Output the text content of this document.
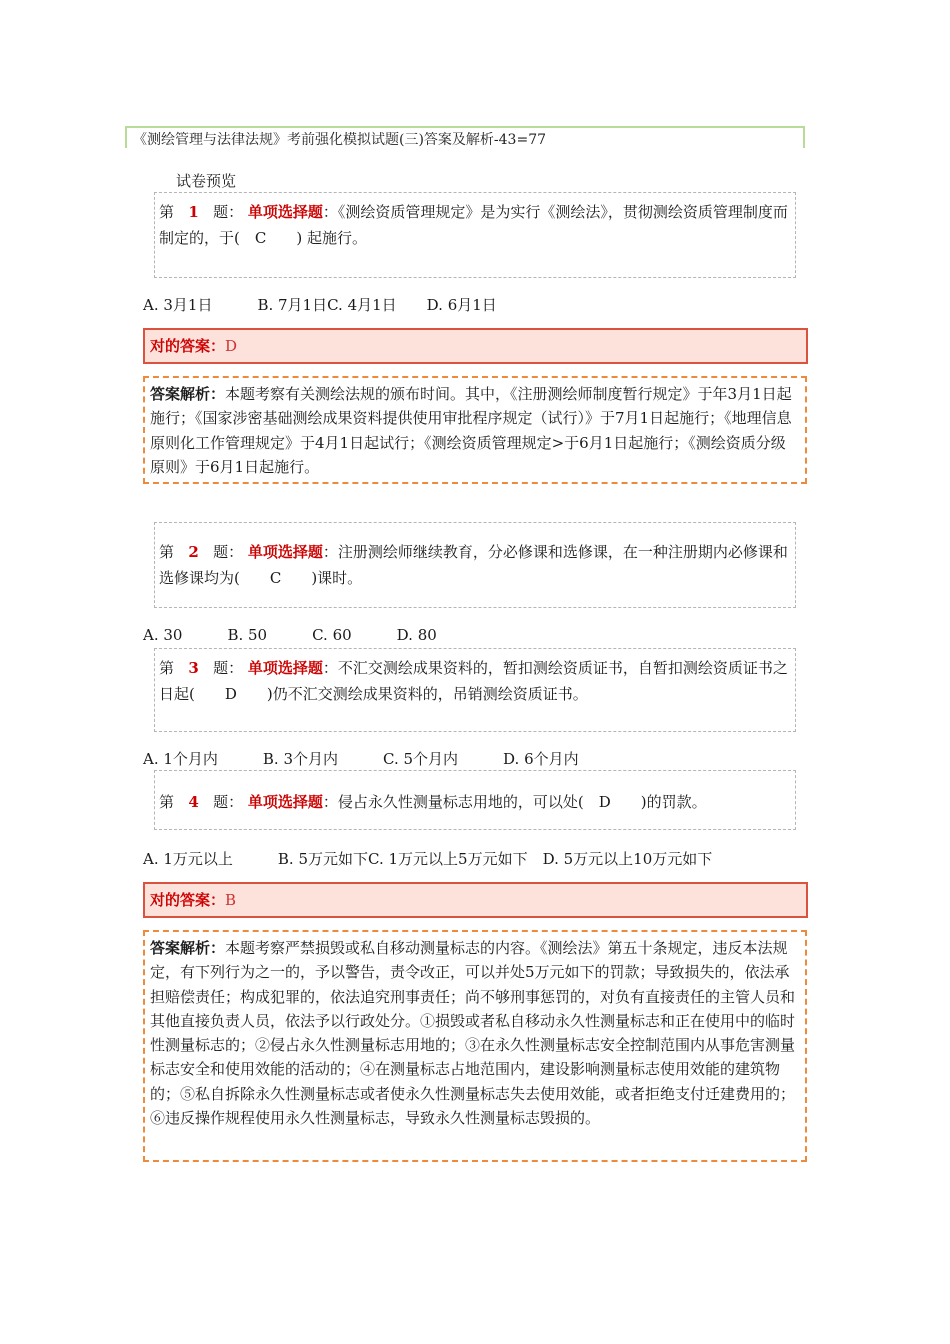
《测绘管理与法律法规》考前强化模拟试题(三)答案及解析-43=77
试卷预览
第 1 题： 单项选择题：《测绘资质管理规定》是为实行《测绘法》，贯彻测绘资质管理制度而制定的，于(　C　　) 起施行。
A. 3月1日　　　B. 7月1日C. 4月1日　　D. 6月1日
对的答案：D
答案解析：本题考察有关测绘法规的颁布时间。其中，《注册测绘师制度暂行规定》于年3月1日起施行；《国家涉密基础测绘成果资料提供使用审批程序规定（试行）》于7月1日起施行；《地理信息原则化工作管理规定》于4月1日起试行；《测绘资质管理规定>于6月1日起施行；《测绘资质分级原则》于6月1日起施行。
第 2 题： 单项选择题：注册测绘师继续教育，分必修课和选修课，在一种注册期内必修课和选修课均为(　　C　　)课时。
A. 30　　　B. 50　　　C. 60　　　D. 80
第 3 题： 单项选择题：不汇交测绘成果资料的，暂扣测绘资质证书，自暂扣测绘资质证书之日起(　　D　　)仍不汇交测绘成果资料的，吊销测绘资质证书。
A. 1个月内　　　B. 3个月内　　　C. 5个月内　　　D. 6个月内
第 4 题： 单项选择题：侵占永久性测量标志用地的，可以处(　D　　)的罚款。
A. 1万元以上　　　B. 5万元如下C. 1万元以上5万元如下　D. 5万元以上10万元如下
对的答案：B
答案解析：本题考察严禁损毁或私自移动测量标志的内容。《测绘法》第五十条规定，违反本法规定，有下列行为之一的，予以警告，责令改正，可以并处5万元如下的罚款；导致损失的，依法承担赔偿责任；构成犯罪的，依法追究刑事责任；尚不够刑事惩罚的，对负有直接责任的主管人员和其他直接负责人员，依法予以行政处分。①损毁或者私自移动永久性测量标志和正在使用中的临时性测量标志的；②侵占永久性测量标志用地的；③在永久性测量标志安全控制范围内从事危害测量标志安全和使用效能的活动的；④在测量标志占地范围内，建设影响测量标志使用效能的建筑物的；⑤私自拆除永久性测量标志或者使永久性测量标志失去使用效能，或者拒绝支付迁建费用的；⑥违反操作规程使用永久性测量标志，导致永久性测量标志毁损的。
